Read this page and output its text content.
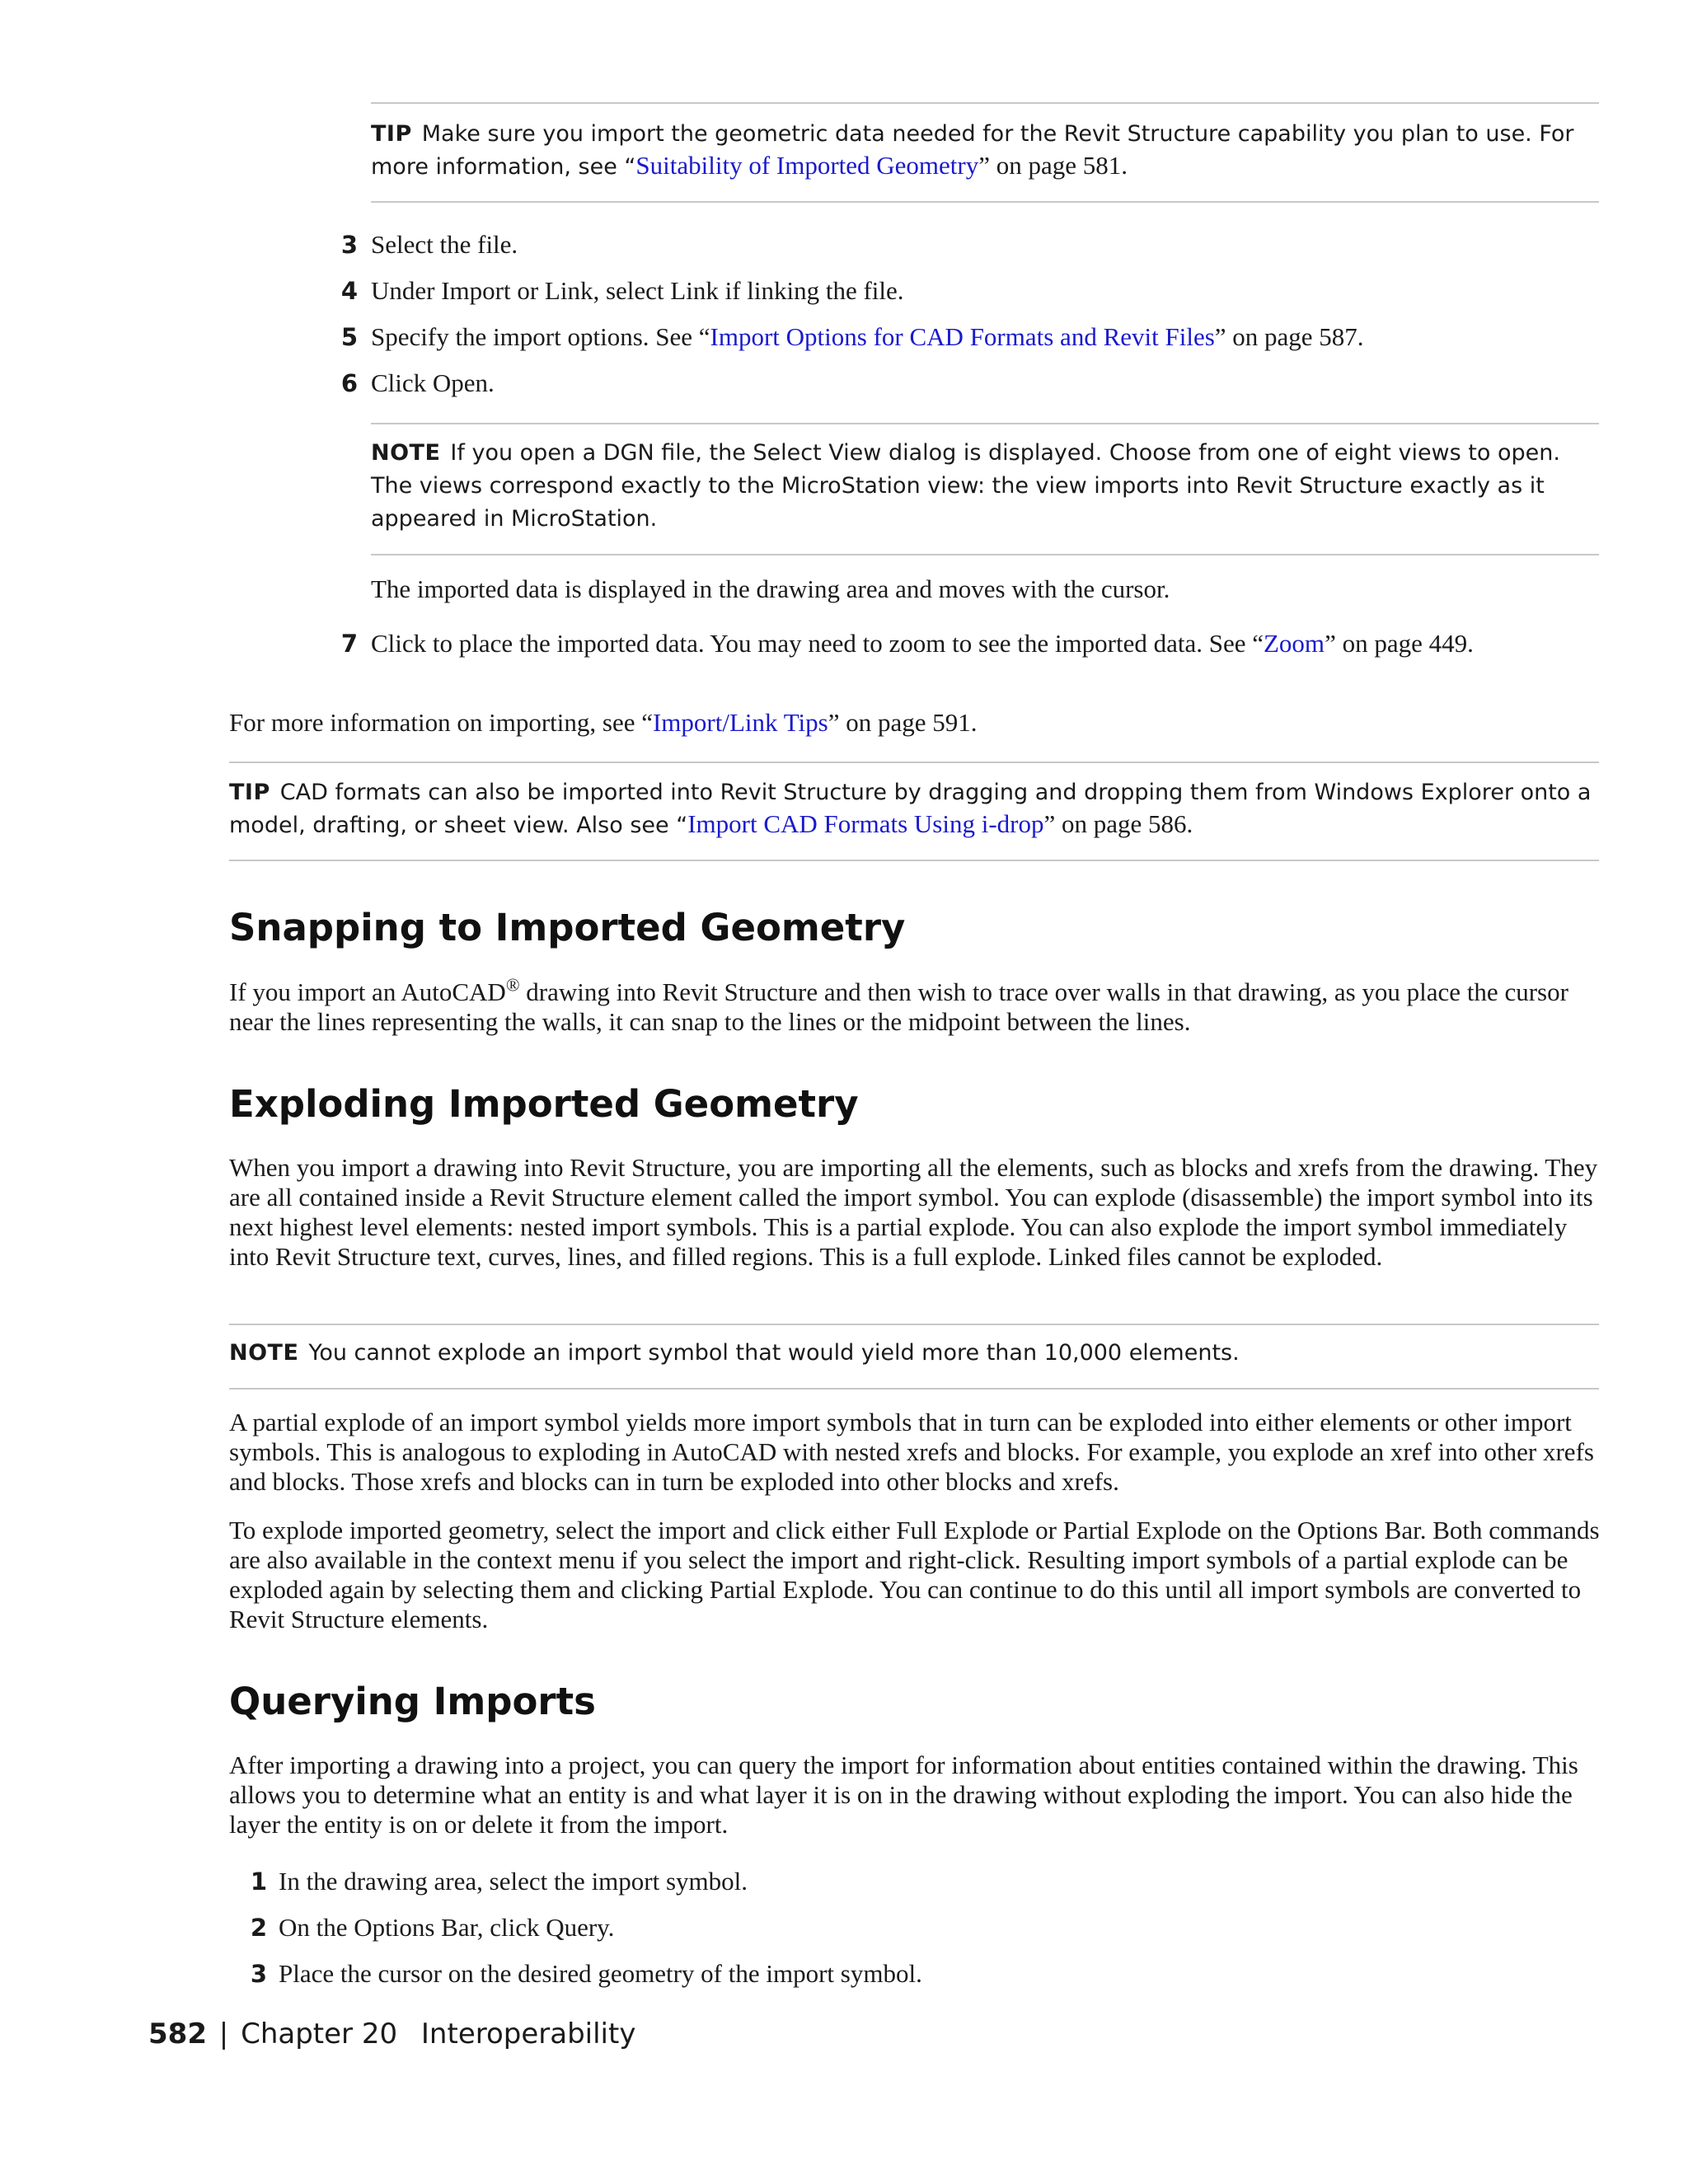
TIP Make sure you import the geometric data needed for the Revit Structure capability you plan to use. For more information, see “Suitability of Imported Geometry” on page 581.

3 Select the file.

4 Under Import or Link, select Link if linking the file.

5 Specify the import options. See “Import Options for CAD Formats and Revit Files” on page 587.

6 Click Open.

NOTE If you open a DGN file, the Select View dialog is displayed. Choose from one of eight views to open. The views correspond exactly to the MicroStation view: the view imports into Revit Structure exactly as it appeared in MicroStation.

The imported data is displayed in the drawing area and moves with the cursor.

7 Click to place the imported data. You may need to zoom to see the imported data. See “Zoom” on page 449.

For more information on importing, see “Import/Link Tips” on page 591.

TIP CAD formats can also be imported into Revit Structure by dragging and dropping them from Windows Explorer onto a model, drafting, or sheet view. Also see “Import CAD Formats Using i-drop” on page 586.

Snapping to Imported Geometry

If you import an AutoCAD® drawing into Revit Structure and then wish to trace over walls in that drawing, as you place the cursor near the lines representing the walls, it can snap to the lines or the midpoint between the lines.

Exploding Imported Geometry

When you import a drawing into Revit Structure, you are importing all the elements, such as blocks and xrefs from the drawing. They are all contained inside a Revit Structure element called the import symbol. You can explode (disassemble) the import symbol into its next highest level elements: nested import symbols. This is a partial explode. You can also explode the import symbol immediately into Revit Structure text, curves, lines, and filled regions. This is a full explode. Linked files cannot be exploded.

NOTE You cannot explode an import symbol that would yield more than 10,000 elements.

A partial explode of an import symbol yields more import symbols that in turn can be exploded into either elements or other import symbols. This is analogous to exploding in AutoCAD with nested xrefs and blocks. For example, you explode an xref into other xrefs and blocks. Those xrefs and blocks can in turn be exploded into other blocks and xrefs.

To explode imported geometry, select the import and click either Full Explode or Partial Explode on the Options Bar. Both commands are also available in the context menu if you select the import and right-click. Resulting import symbols of a partial explode can be exploded again by selecting them and clicking Partial Explode. You can continue to do this until all import symbols are converted to Revit Structure elements.

Querying Imports

After importing a drawing into a project, you can query the import for information about entities contained within the drawing. This allows you to determine what an entity is and what layer it is on in the drawing without exploding the import. You can also hide the layer the entity is on or delete it from the import.

1 In the drawing area, select the import symbol.

2 On the Options Bar, click Query.

3 Place the cursor on the desired geometry of the import symbol.

582 | Chapter 20 Interoperability
